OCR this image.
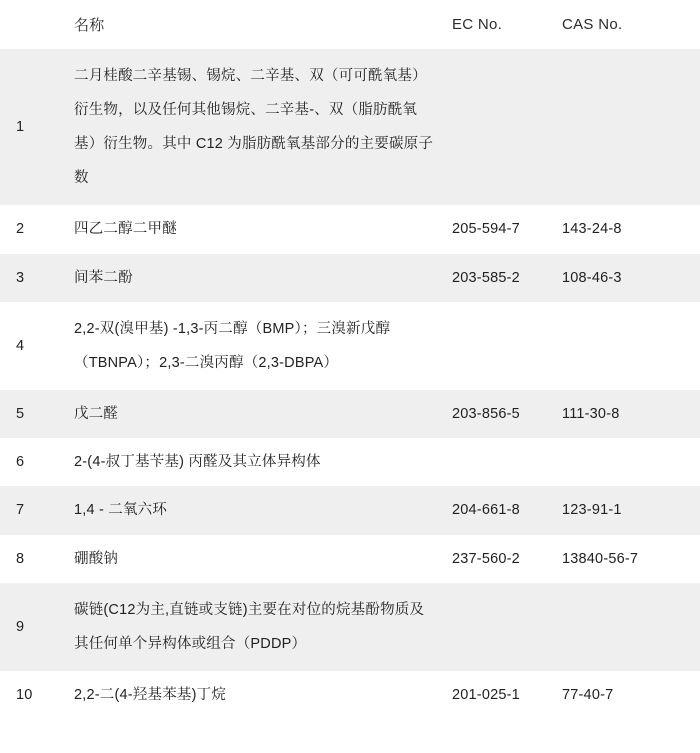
	名称	EC No.	CAS No.
1	二月桂酸二辛基锡、锡烷、二辛基、双（可可酰氧基）衍生物，以及任何其他锡烷、二辛基-、双（脂肪酰氧基）衍生物。其中 C12 为脂肪酰氧基部分的主要碳原子数		
2	四乙二醇二甲醚	205-594-7	143-24-8
3	间苯二酚	203-585-2	108-46-3
4	2,2-双(溴甲基) -1,3-丙二醇（BMP）；三溴新戊醇（TBNPA）；2,3-二溴丙醇（2,3-DBPA）		
5	戊二醛	203-856-5	111-30-8
6	2-(4-叔丁基苄基) 丙醛及其立体异构体		
7	1,4 - 二氧六环	204-661-8	123-91-1
8	硼酸钠	237-560-2	13840-56-7
9	碳链(C12为主,直链或支链)主要在对位的烷基酚物质及其任何单个异构体或组合（PDDP）		
10	2,2-二(4-羟基苯基)丁烷	201-025-1	77-40-7
